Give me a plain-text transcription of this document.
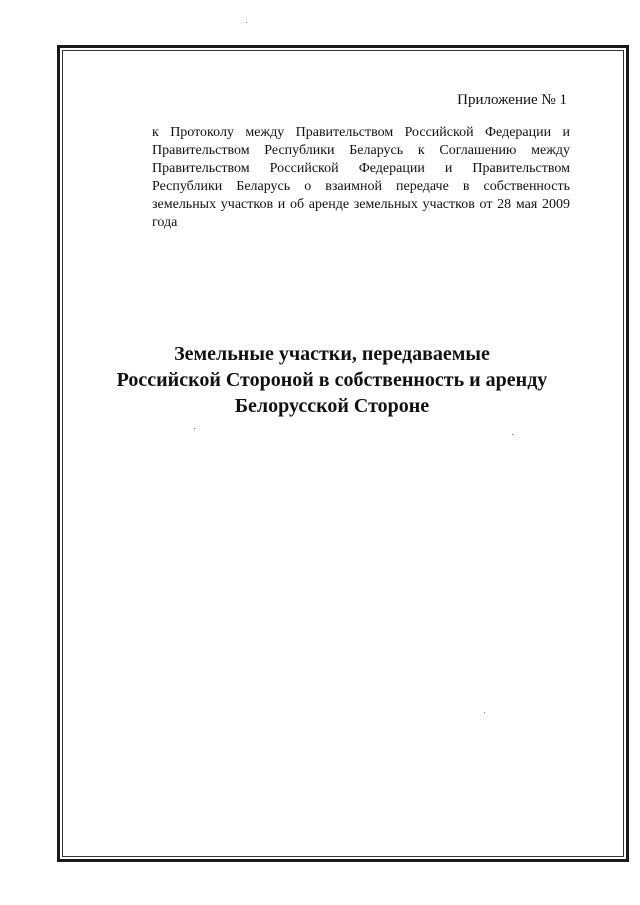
Приложение № 1
к Протоколу между Правительством Российской Федерации и Правительством Республики Беларусь к Соглашению между Правительством Российской Федерации и Правительством Республики Беларусь о взаимной передаче в собственность земельных участков и об аренде земельных участков от 28 мая 2009 года
Земельные участки, передаваемые
Российской Стороной в собственность и аренду
Белорусской Стороне
